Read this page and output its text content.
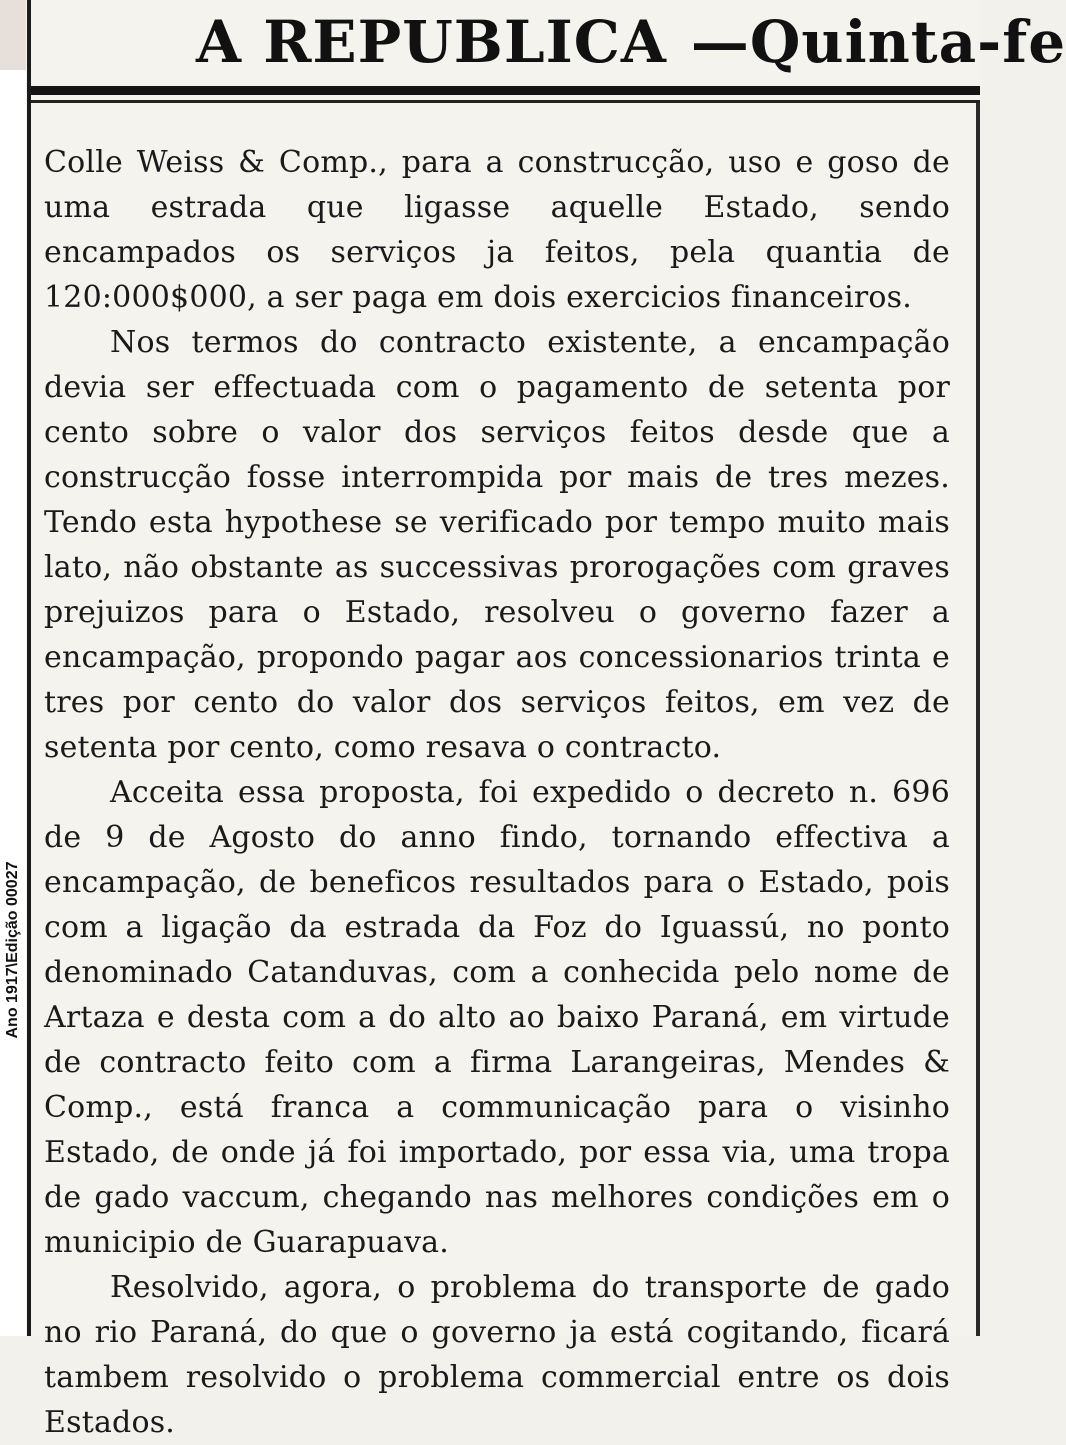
Ano 1917\Edição 00027
A REPUBLICA —Quinta-fe

Colle Weiss & Comp., para a construcção, uso e goso de uma estrada que ligasse aquelle Estado, sendo encampados os serviços ja feitos, pela quantia de 120:000$000, a ser paga em dois exercicios financeiros.

Nos termos do contracto existente, a encampação devia ser effectuada com o pagamento de setenta por cento sobre o valor dos serviços feitos desde que a construcção fosse interrompida por mais de tres mezes. Tendo esta hypothese se verificado por tempo muito mais lato, não obstante as successivas prorogações com graves prejuizos para o Estado, resolveu o governo fazer a encampação, propondo pagar aos concessionarios trinta e tres por cento do valor dos serviços feitos, em vez de setenta por cento, como resava o contracto.

Acceita essa proposta, foi expedido o decreto n. 696 de 9 de Agosto do anno findo, tornando effectiva a encampação, de beneficos resultados para o Estado, pois com a ligação da estrada da Foz do Iguassú, no ponto denominado Catanduvas, com a conhecida pelo nome de Artaza e desta com a do alto ao baixo Paraná, em virtude de contracto feito com a firma Larangeiras, Mendes & Comp., está franca a communicação para o visinho Estado, de onde já foi importado, por essa via, uma tropa de gado vaccum, chegando nas melhores condições em o municipio de Guarapuava.

Resolvido, agora, o problema do transporte de gado no rio Paraná, do que o governo ja está cogitando, ficará tambem resolvido o problema commercial entre os dois Estados.
